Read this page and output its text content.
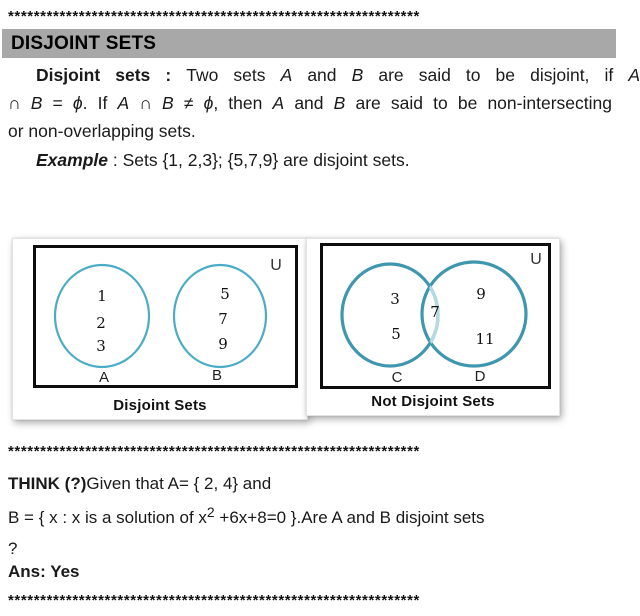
****************************************************************
DISJOINT SETS
Disjoint sets : Two sets A and B are said to be disjoint, if A
∩ B = ϕ. If A ∩ B ≠ ϕ, then A and B are said to be non-intersecting
or non-overlapping sets.
Example : Sets {1, 2,3}; {5,7,9} are disjoint sets.
U
1
2
3
5
7
9
A	B
Disjoint Sets
U
3
5
7
9
11
C	D
Not Disjoint Sets
****************************************************************
THINK (?)Given that A= { 2, 4} and
B = { x : x is a solution of $x^2 +6x+8=0$ }.Are A and B disjoint sets
?
Ans: Yes
****************************************************************
